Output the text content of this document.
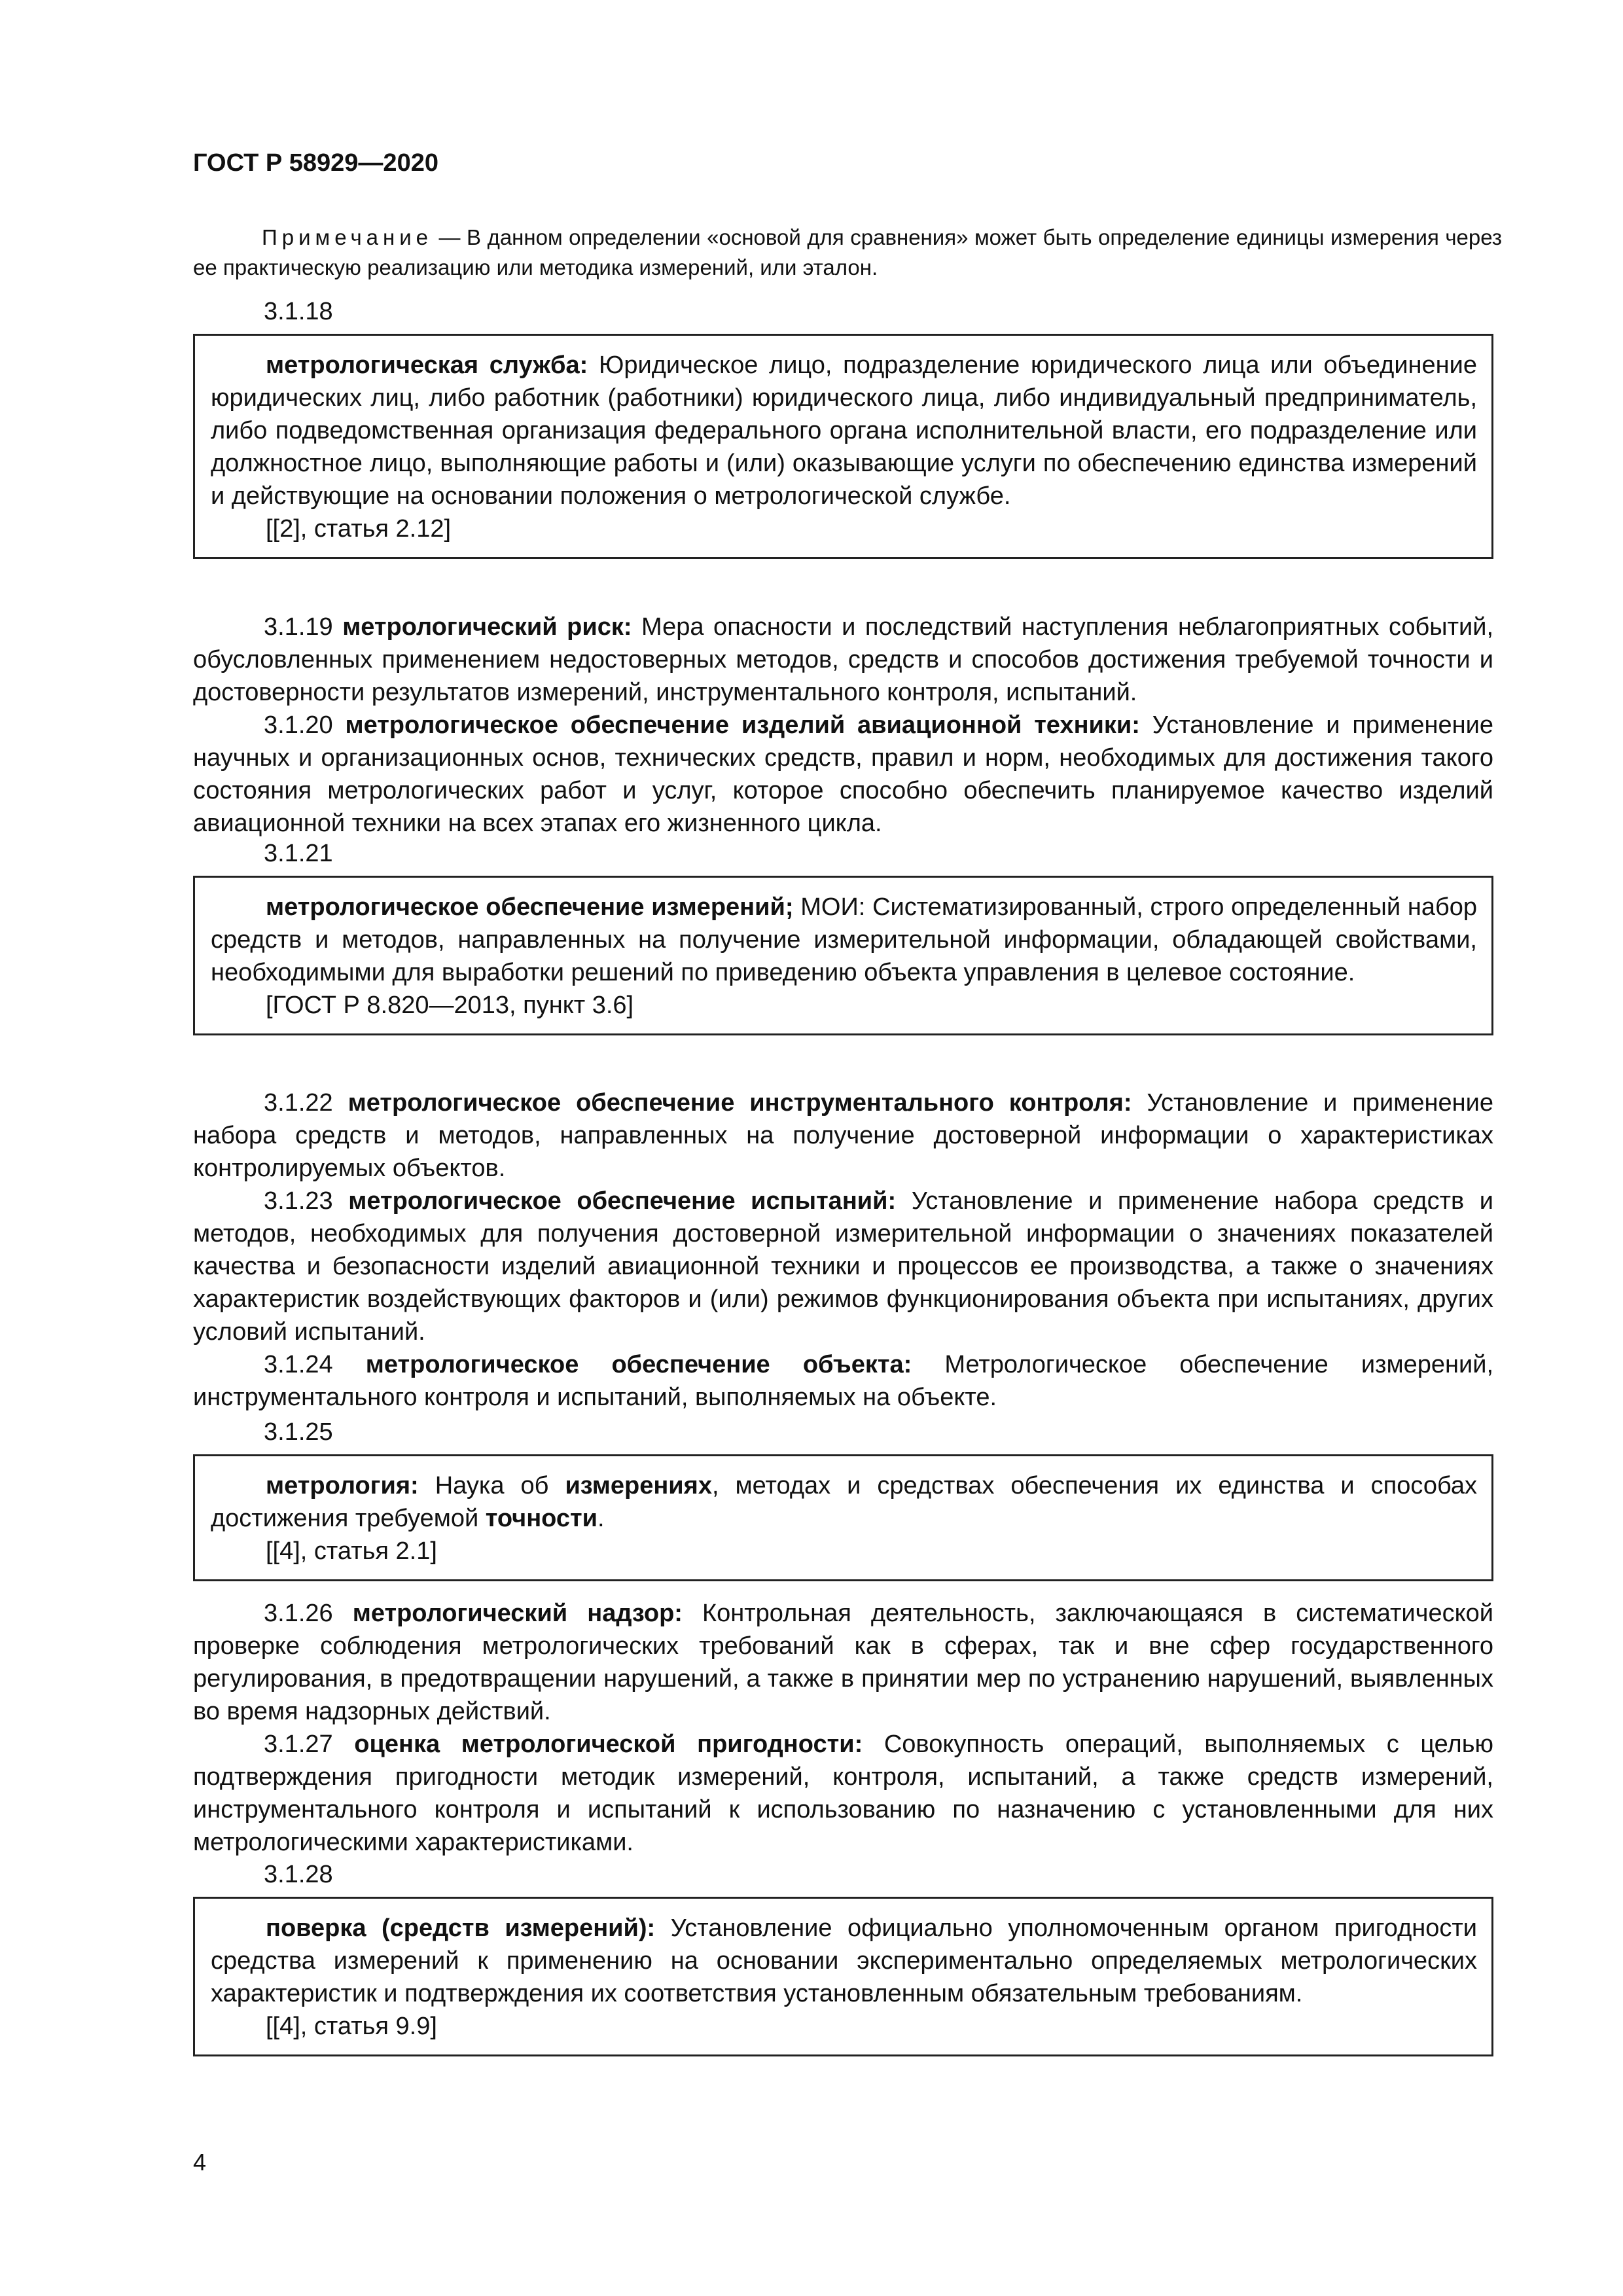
ГОСТ Р 58929—2020
Примечание — В данном определении «основой для сравнения» может быть определение единицы измерения через ее практическую реализацию или методика измерений, или эталон.
3.1.18

метрологическая служба: Юридическое лицо, подразделение юридического лица или объединение юридических лиц, либо работник (работники) юридического лица, либо индивидуальный предприниматель, либо подведомственная организация федерального органа исполнительной власти, его подразделение или должностное лицо, выполняющие работы и (или) оказывающие услуги по обеспечению единства измерений и действующие на основании положения о метрологической службе.

[[2], статья 2.12]

3.1.19 метрологический риск: Мера опасности и последствий наступления неблагоприятных событий, обусловленных применением недостоверных методов, средств и способов достижения требуемой точности и достоверности результатов измерений, инструментального контроля, испытаний.

3.1.20 метрологическое обеспечение изделий авиационной техники: Установление и применение научных и организационных основ, технических средств, правил и норм, необходимых для достижения такого состояния метрологических работ и услуг, которое способно обеспечить планируемое качество изделий авиационной техники на всех этапах его жизненного цикла.

3.1.21

метрологическое обеспечение измерений; МОИ: Систематизированный, строго определенный набор средств и методов, направленных на получение измерительной информации, обладающей свойствами, необходимыми для выработки решений по приведению объекта управления в целевое состояние.

[ГОСТ Р 8.820—2013, пункт 3.6]

3.1.22 метрологическое обеспечение инструментального контроля: Установление и применение набора средств и методов, направленных на получение достоверной информации о характеристиках контролируемых объектов.

3.1.23 метрологическое обеспечение испытаний: Установление и применение набора средств и методов, необходимых для получения достоверной измерительной информации о значениях показателей качества и безопасности изделий авиационной техники и процессов ее производства, а также о значениях характеристик воздействующих факторов и (или) режимов функционирования объекта при испытаниях, других условий испытаний.

3.1.24 метрологическое обеспечение объекта: Метрологическое обеспечение измерений, инструментального контроля и испытаний, выполняемых на объекте.

3.1.25

метрология: Наука об измерениях, методах и средствах обеспечения их единства и способах достижения требуемой точности.

[[4], статья 2.1]

3.1.26 метрологический надзор: Контрольная деятельность, заключающаяся в систематической проверке соблюдения метрологических требований как в сферах, так и вне сфер государственного регулирования, в предотвращении нарушений, а также в принятии мер по устранению нарушений, выявленных во время надзорных действий.

3.1.27 оценка метрологической пригодности: Совокупность операций, выполняемых с целью подтверждения пригодности методик измерений, контроля, испытаний, а также средств измерений, инструментального контроля и испытаний к использованию по назначению с установленными для них метрологическими характеристиками.

3.1.28

поверка (средств измерений): Установление официально уполномоченным органом пригодности средства измерений к применению на основании экспериментально определяемых метрологических характеристик и подтверждения их соответствия установленным обязательным требованиям.

[[4], статья 9.9]

4
